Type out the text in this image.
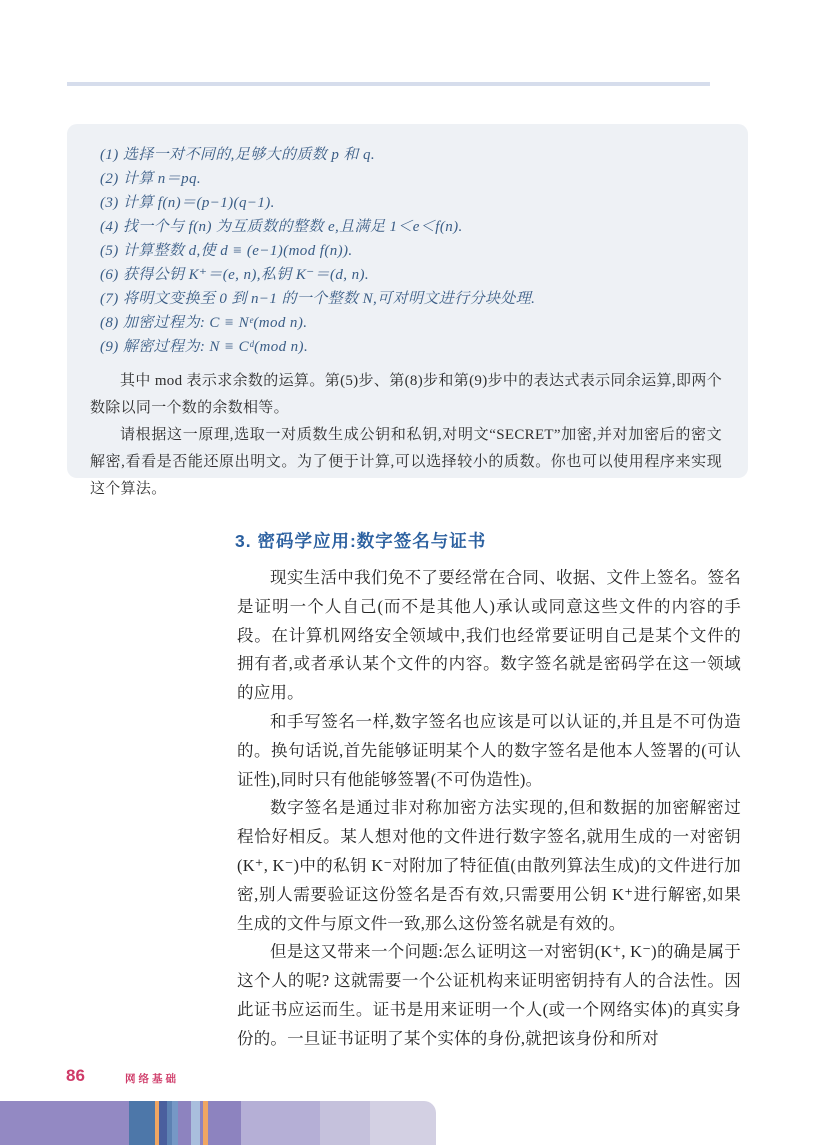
(1) 选择一对不同的,足够大的质数 p 和 q.

(2) 计算 n＝pq.

(3) 计算 f(n)＝(p−1)(q−1).

(4) 找一个与 f(n) 为互质数的整数 e,且满足 1＜e＜f(n).

(5) 计算整数 d,使 d ≡ (e−1)(mod f(n)).

(6) 获得公钥 K⁺＝(e, n),私钥 K⁻＝(d, n).

(7) 将明文变换至 0 到 n−1 的一个整数 N,可对明文进行分块处理.

(8) 加密过程为: C ≡ Nᵉ(mod n).

(9) 解密过程为: N ≡ Cᵈ(mod n).

其中 mod 表示求余数的运算。第(5)步、第(8)步和第(9)步中的表达式表示同余运算,即两个数除以同一个数的余数相等。

请根据这一原理,选取一对质数生成公钥和私钥,对明文“SECRET”加密,并对加密后的密文解密,看看是否能还原出明文。为了便于计算,可以选择较小的质数。你也可以使用程序来实现这个算法。

3. 密码学应用:数字签名与证书

现实生活中我们免不了要经常在合同、收据、文件上签名。签名是证明一个人自己(而不是其他人)承认或同意这些文件的内容的手段。在计算机网络安全领域中,我们也经常要证明自己是某个文件的拥有者,或者承认某个文件的内容。数字签名就是密码学在这一领域的应用。

和手写签名一样,数字签名也应该是可以认证的,并且是不可伪造的。换句话说,首先能够证明某个人的数字签名是他本人签署的(可认证性),同时只有他能够签署(不可伪造性)。

数字签名是通过非对称加密方法实现的,但和数据的加密解密过程恰好相反。某人想对他的文件进行数字签名,就用生成的一对密钥(K⁺, K⁻)中的私钥 K⁻对附加了特征值(由散列算法生成)的文件进行加密,别人需要验证这份签名是否有效,只需要用公钥 K⁺进行解密,如果生成的文件与原文件一致,那么这份签名就是有效的。

但是这又带来一个问题:怎么证明这一对密钥(K⁺, K⁻)的确是属于这个人的呢? 这就需要一个公证机构来证明密钥持有人的合法性。因此证书应运而生。证书是用来证明一个人(或一个网络实体)的真实身份的。一旦证书证明了某个实体的身份,就把该身份和所对

86	网络基础
